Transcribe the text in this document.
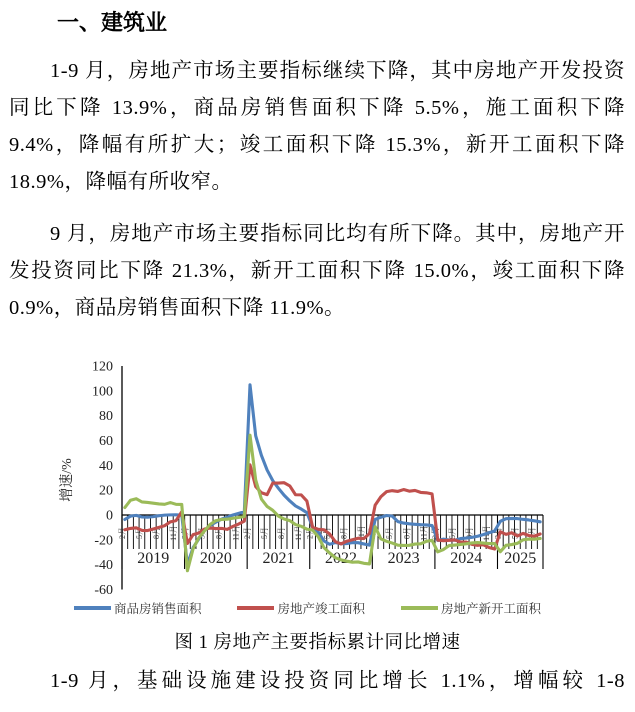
一、建筑业

1-9 月，房地产市场主要指标继续下降，其中房地产开发投资同比下降 13.9%，商品房销售面积下降 5.5%，施工面积下降 9.4%，降幅有所扩大；竣工面积下降 15.3%，新开工面积下降 18.9%，降幅有所收窄。

9 月，房地产市场主要指标同比均有所下降。其中，房地产开发投资同比下降 21.3%，新开工面积下降 15.0%，竣工面积下降 0.9%，商品房销售面积下降 11.9%。

120
100
80
60
40
20
0
-20
-40
-60
增速/%
2月 5月 8月 11月
2019
2月 5月 8月 11月
2020
2月 5月 8月 11月
2021
2月 5月 8月 11月
2022
2月 5月 8月 11月
2023
2月 5月 8月 11月
2024
2月 5月 8月
2025
商品房销售面积	房地产竣工面积	房地产新开工面积
图 1 房地产主要指标累计同比增速

1-9 月，基础设施建设投资同比增长 1.1%，增幅较 1-8
